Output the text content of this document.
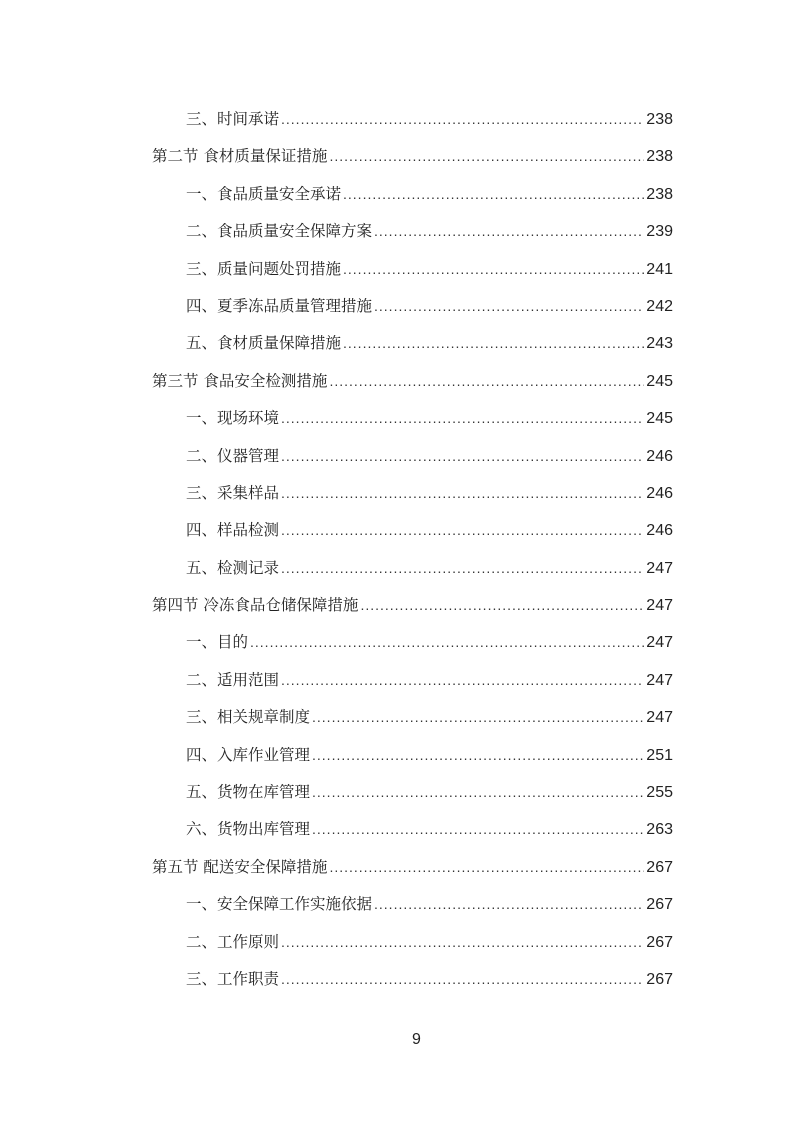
三、时间承诺 .....	238
第二节 食材质量保证措施 .....	238
一、食品质量安全承诺 .....	238
二、食品质量安全保障方案 .....	239
三、质量问题处罚措施 .....	241
四、夏季冻品质量管理措施 .....	242
五、食材质量保障措施 .....	243
第三节 食品安全检测措施 .....	245
一、现场环境 .....	245
二、仪器管理 .....	246
三、采集样品 .....	246
四、样品检测 .....	246
五、检测记录 .....	247
第四节 冷冻食品仓储保障措施 .....	247
一、目的 .....	247
二、适用范围 .....	247
三、相关规章制度 .....	247
四、入库作业管理 .....	251
五、货物在库管理 .....	255
六、货物出库管理 .....	263
第五节 配送安全保障措施 .....	267
一、安全保障工作实施依据 .....	267
二、工作原则 .....	267
三、工作职责 .....	267
9
